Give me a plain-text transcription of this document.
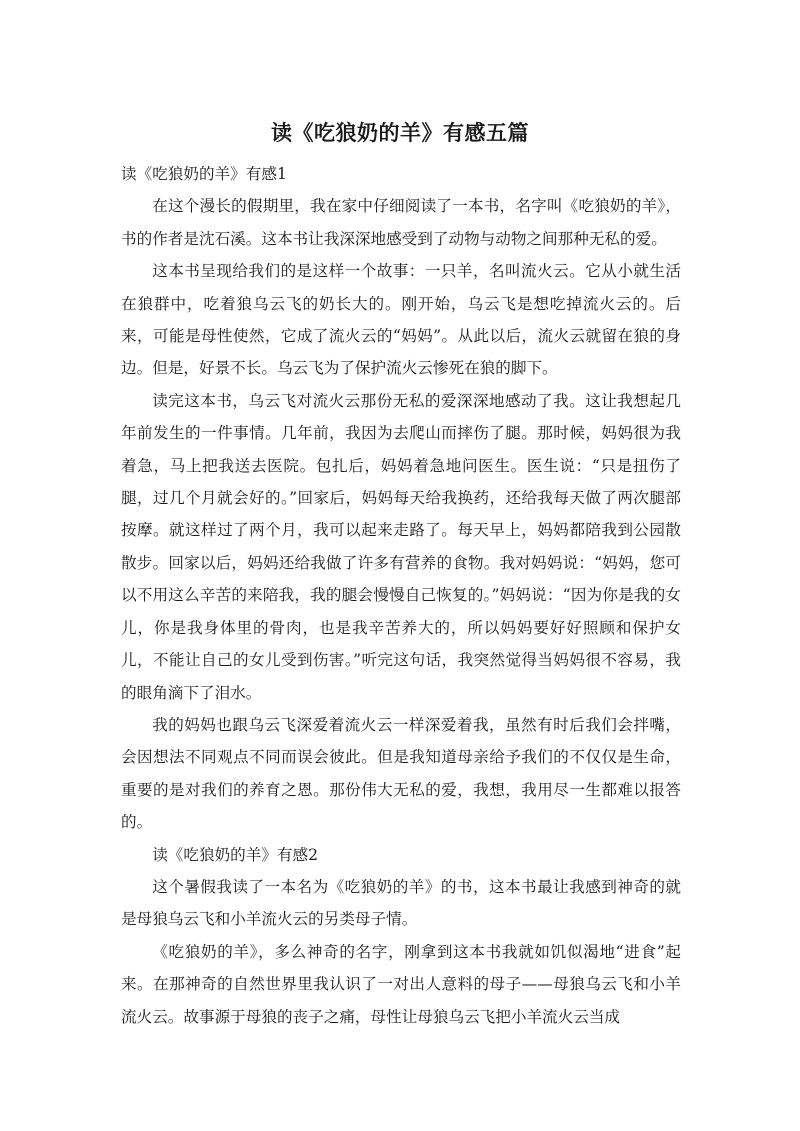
读《吃狼奶的羊》有感五篇

读《吃狼奶的羊》有感1

在这个漫长的假期里，我在家中仔细阅读了一本书，名字叫《吃狼奶的羊》，书的作者是沈石溪。这本书让我深深地感受到了动物与动物之间那种无私的爱。

这本书呈现给我们的是这样一个故事：一只羊，名叫流火云。它从小就生活在狼群中，吃着狼乌云飞的奶长大的。刚开始，乌云飞是想吃掉流火云的。后来，可能是母性使然，它成了流火云的“妈妈”。从此以后，流火云就留在狼的身边。但是，好景不长。乌云飞为了保护流火云惨死在狼的脚下。

读完这本书，乌云飞对流火云那份无私的爱深深地感动了我。这让我想起几年前发生的一件事情。几年前，我因为去爬山而摔伤了腿。那时候，妈妈很为我着急，马上把我送去医院。包扎后，妈妈着急地问医生。医生说：“只是扭伤了腿，过几个月就会好的。”回家后，妈妈每天给我换药，还给我每天做了两次腿部按摩。就这样过了两个月，我可以起来走路了。每天早上，妈妈都陪我到公园散散步。回家以后，妈妈还给我做了许多有营养的食物。我对妈妈说：“妈妈，您可以不用这么辛苦的来陪我，我的腿会慢慢自己恢复的。”妈妈说：“因为你是我的女儿，你是我身体里的骨肉，也是我辛苦养大的，所以妈妈要好好照顾和保护女儿，不能让自己的女儿受到伤害。”听完这句话，我突然觉得当妈妈很不容易，我的眼角滴下了泪水。

我的妈妈也跟乌云飞深爱着流火云一样深爱着我，虽然有时后我们会拌嘴，会因想法不同观点不同而误会彼此。但是我知道母亲给予我们的不仅仅是生命，重要的是对我们的养育之恩。那份伟大无私的爱，我想，我用尽一生都难以报答的。

读《吃狼奶的羊》有感2

这个暑假我读了一本名为《吃狼奶的羊》的书，这本书最让我感到神奇的就是母狼乌云飞和小羊流火云的另类母子情。

《吃狼奶的羊》，多么神奇的名字，刚拿到这本书我就如饥似渴地“进食”起来。在那神奇的自然世界里我认识了一对出人意料的母子——母狼乌云飞和小羊流火云。故事源于母狼的丧子之痛，母性让母狼乌云飞把小羊流火云当成
